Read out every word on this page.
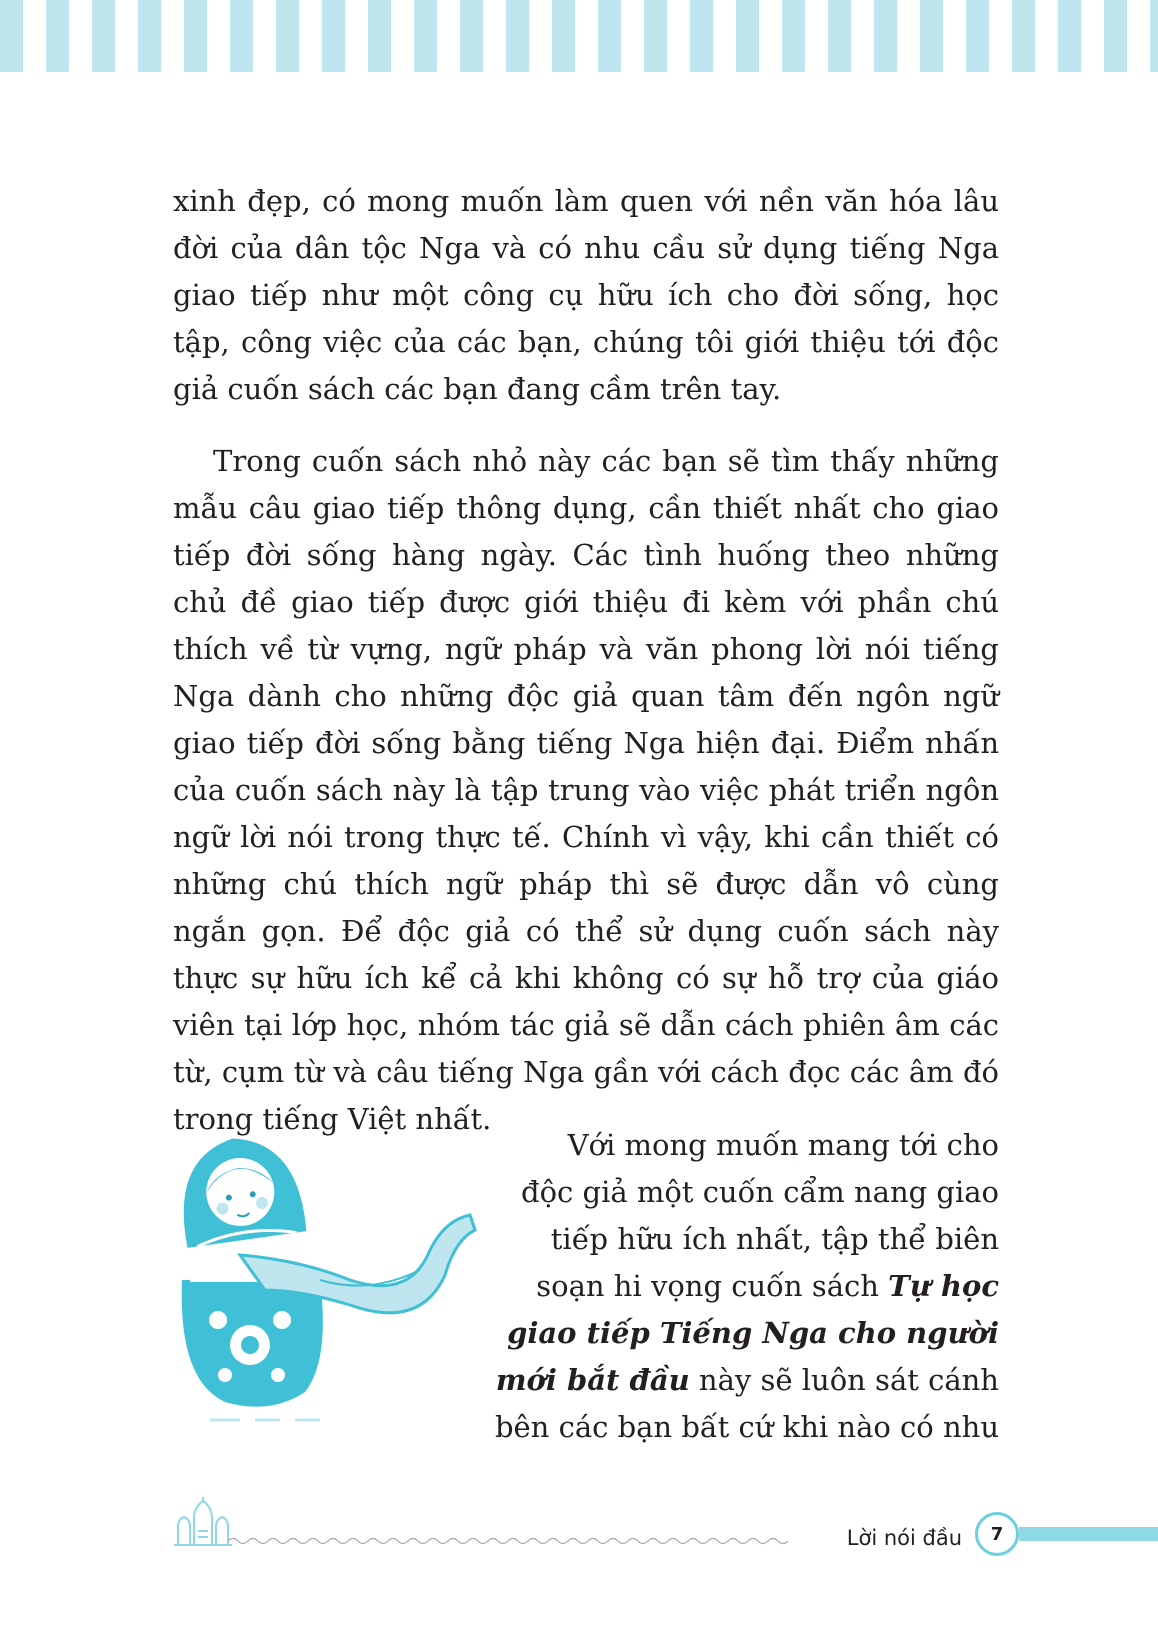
xinh đẹp, có mong muốn làm quen với nền văn hóa lâu đời của dân tộc Nga và có nhu cầu sử dụng tiếng Nga giao tiếp như một công cụ hữu ích cho đời sống, học tập, công việc của các bạn, chúng tôi giới thiệu tới độc giả cuốn sách các bạn đang cầm trên tay.

Trong cuốn sách nhỏ này các bạn sẽ tìm thấy những mẫu câu giao tiếp thông dụng, cần thiết nhất cho giao tiếp đời sống hàng ngày. Các tình huống theo những chủ đề giao tiếp được giới thiệu đi kèm với phần chú thích về từ vựng, ngữ pháp và văn phong lời nói tiếng Nga dành cho những độc giả quan tâm đến ngôn ngữ giao tiếp đời sống bằng tiếng Nga hiện đại. Điểm nhấn của cuốn sách này là tập trung vào việc phát triển ngôn ngữ lời nói trong thực tế. Chính vì vậy, khi cần thiết có những chú thích ngữ pháp thì sẽ được dẫn vô cùng ngắn gọn. Để độc giả có thể sử dụng cuốn sách này thực sự hữu ích kể cả khi không có sự hỗ trợ của giáo viên tại lớp học, nhóm tác giả sẽ dẫn cách phiên âm các từ, cụm từ và câu tiếng Nga gần với cách đọc các âm đó trong tiếng Việt nhất.

Với mong muốn mang tới cho
độc giả một cuốn cẩm nang giao
tiếp hữu ích nhất, tập thể biên
soạn hi vọng cuốn sách Tự học
giao tiếp Tiếng Nga cho người
mới bắt đầu này sẽ luôn sát cánh
bên các bạn bất cứ khi nào có nhu

Lời nói đầu	7
